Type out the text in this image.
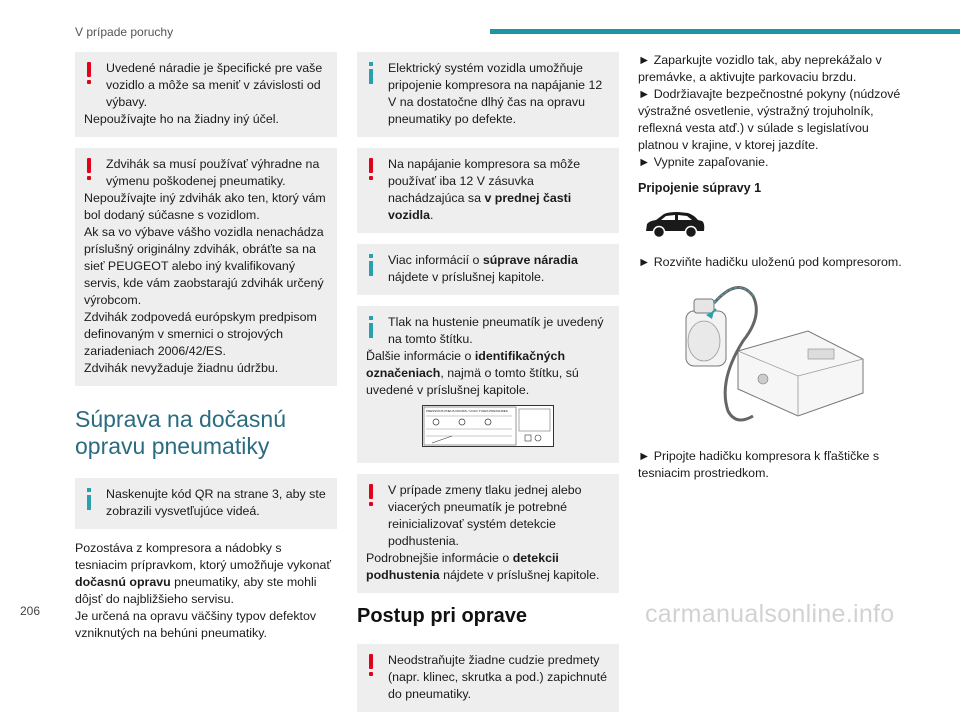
V prípade poruchy

Uvedené náradie je špecifické pre vaše vozidlo a môže sa meniť v závislosti od výbavy.

Nepoužívajte ho na žiadny iný účel.

Zdvihák sa musí používať výhradne na výmenu poškodenej pneumatiky.

Nepoužívajte iný zdvihák ako ten, ktorý vám bol dodaný súčasne s vozidlom.

Ak sa vo výbave vášho vozidla nenachádza príslušný originálny zdvihák, obráťte sa na sieť PEUGEOT alebo iný kvalifikovaný servis, kde vám zaobstarajú zdvihák určený výrobcom.

Zdvihák zodpovedá európskym predpisom definovaným v smernici o strojových zariadeniach 2006/42/ES.

Zdvihák nevyžaduje žiadnu údržbu.

Súprava na dočasnú opravu pneumatiky

Naskenujte kód QR na strane 3, aby ste zobrazili vysvetľujúce videá.

Pozostáva z kompresora a nádobky s tesniacim prípravkom, ktorý umožňuje vykonať dočasnú opravu pneumatiky, aby ste mohli dôjsť do najbližšieho servisu.

Je určená na opravu väčšiny typov defektov vzniknutých na behúni pneumatiky.

Elektrický systém vozidla umožňuje pripojenie kompresora na napájanie 12 V na dostatočne dlhý čas na opravu pneumatiky po defekte.

Na napájanie kompresora sa môže používať iba 12 V zásuvka nachádzajúca sa v prednej časti vozidla.

Viac informácií o súprave náradia nájdete v príslušnej kapitole.

Tlak na hustenie pneumatík je uvedený na tomto štítku.

Ďalšie informácie o identifikačných označeniach, najmä o tomto štítku, sú uvedené v príslušnej kapitole.

PRESSIONS PNEUS FROIDS / COLD TYRES PRESSURES

V prípade zmeny tlaku jednej alebo viacerých pneumatík je potrebné reinicializovať systém detekcie podhustenia.

Podrobnejšie informácie o detekcii podhustenia nájdete v príslušnej kapitole.

Postup pri oprave

Neodstraňujte žiadne cudzie predmety (napr. klinec, skrutka a pod.) zapichnuté do pneumatiky.

► Zaparkujte vozidlo tak, aby neprekážalo v premávke, a aktivujte parkovaciu brzdu.

► Dodržiavajte bezpečnostné pokyny (núdzové výstražné osvetlenie, výstražný trojuholník, reflexná vesta atď.) v súlade s legislatívou platnou v krajine, v ktorej jazdíte.

► Vypnite zapaľovanie.

Pripojenie súpravy 1

► Rozviňte hadičku uloženú pod kompresorom.

► Pripojte hadičku kompresora k fľaštičke s tesniacim prostriedkom.

206	carmanualsonline.info
